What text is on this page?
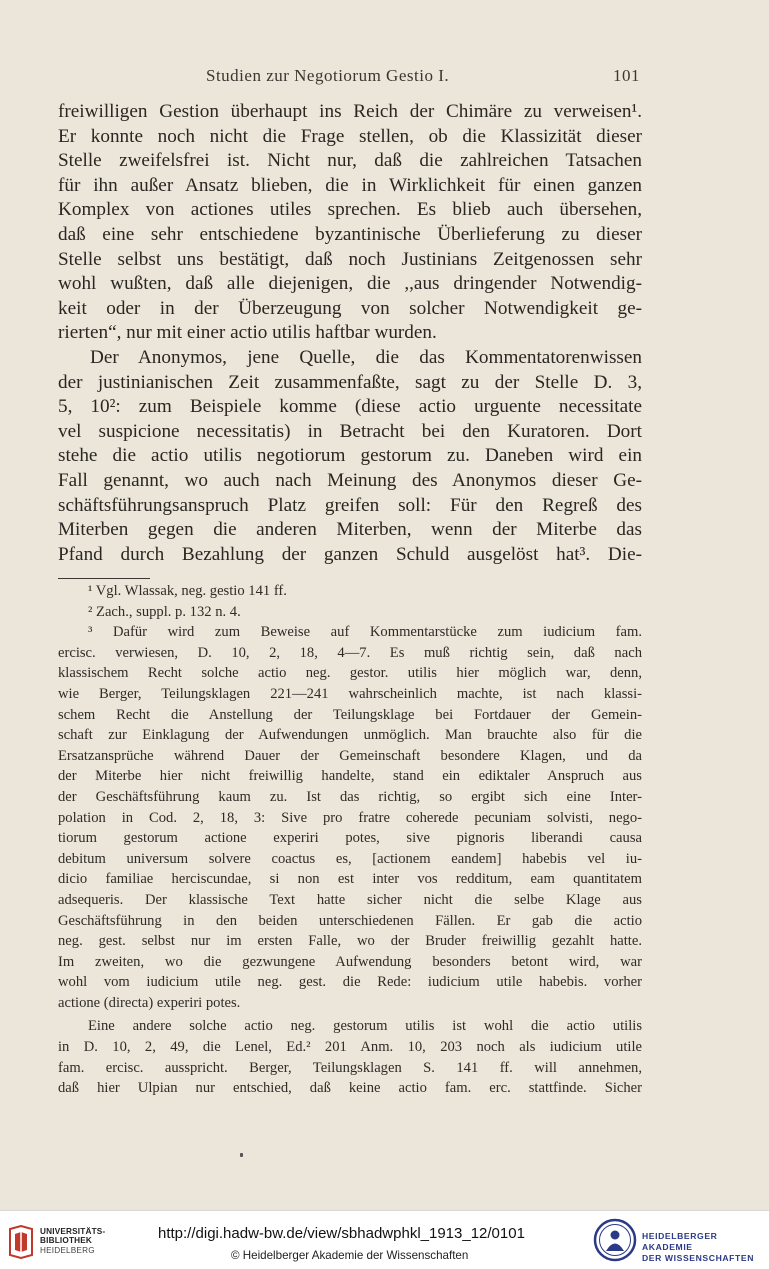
Studien zur Negotiorum Gestio I.	101
freiwilligen Gestion überhaupt ins Reich der Chimäre zu verweisen¹.
Er konnte noch nicht die Frage stellen, ob die Klassizität dieser
Stelle zweifelsfrei ist. Nicht nur, daß die zahlreichen Tatsachen
für ihn außer Ansatz blieben, die in Wirklichkeit für einen ganzen
Komplex von actiones utiles sprechen. Es blieb auch übersehen,
daß eine sehr entschiedene byzantinische Überlieferung zu dieser
Stelle selbst uns bestätigt, daß noch Justinians Zeitgenossen sehr
wohl wußten, daß alle diejenigen, die ,,aus dringender Notwendig-
keit oder in der Überzeugung von solcher Notwendigkeit ge-
rierten“, nur mit einer actio utilis haftbar wurden.
Der Anonymos, jene Quelle, die das Kommentatorenwissen
der justinianischen Zeit zusammenfaßte, sagt zu der Stelle D. 3,
5, 10²: zum Beispiele komme (diese actio urguente necessitate
vel suspicione necessitatis) in Betracht bei den Kuratoren. Dort
stehe die actio utilis negotiorum gestorum zu. Daneben wird ein
Fall genannt, wo auch nach Meinung des Anonymos dieser Ge-
schäftsführungsanspruch Platz greifen soll: Für den Regreß des
Miterben gegen die anderen Miterben, wenn der Miterbe das
Pfand durch Bezahlung der ganzen Schuld ausgelöst hat³. Die-
¹ Vgl. Wlassak, neg. gestio 141 ff.
² Zach., suppl. p. 132 n. 4.
³ Dafür wird zum Beweise auf Kommentarstücke zum iudicium fam.
ercisc. verwiesen, D. 10, 2, 18, 4—7. Es muß richtig sein, daß nach
klassischem Recht solche actio neg. gestor. utilis hier möglich war, denn,
wie Berger, Teilungsklagen 221—241 wahrscheinlich machte, ist nach klassi-
schem Recht die Anstellung der Teilungsklage bei Fortdauer der Gemein-
schaft zur Einklagung der Aufwendungen unmöglich. Man brauchte also für die
Ersatzansprüche während Dauer der Gemeinschaft besondere Klagen, und da
der Miterbe hier nicht freiwillig handelte, stand ein ediktaler Anspruch aus
der Geschäftsführung kaum zu. Ist das richtig, so ergibt sich eine Inter-
polation in Cod. 2, 18, 3: Sive pro fratre coherede pecuniam solvisti, nego-
tiorum gestorum actione experiri potes, sive pignoris liberandi causa
debitum universum solvere coactus es, [actionem eandem] habebis vel iu-
dicio familiae herciscundae, si non est inter vos redditum, eam quantitatem
adsequeris. Der klassische Text hatte sicher nicht die selbe Klage aus
Geschäftsführung in den beiden unterschiedenen Fällen. Er gab die actio
neg. gest. selbst nur im ersten Falle, wo der Bruder freiwillig gezahlt hatte.
Im zweiten, wo die gezwungene Aufwendung besonders betont wird, war
wohl vom iudicium utile neg. gest. die Rede: iudicium utile habebis. vorher
actione (directa) experiri potes.
Eine andere solche actio neg. gestorum utilis ist wohl die actio utilis
in D. 10, 2, 49, die Lenel, Ed.² 201 Anm. 10, 203 noch als iudicium utile
fam. ercisc. ausspricht. Berger, Teilungsklagen S. 141 ff. will annehmen,
daß hier Ulpian nur entschied, daß keine actio fam. erc. stattfinde. Sicher
UNIVERSITÄTS-
BIBLIOTHEK
HEIDELBERG
http://digi.hadw-bw.de/view/sbhadwphkl_1913_12/0101
© Heidelberger Akademie der Wissenschaften
HEIDELBERGER AKADEMIE
DER WISSENSCHAFTEN
